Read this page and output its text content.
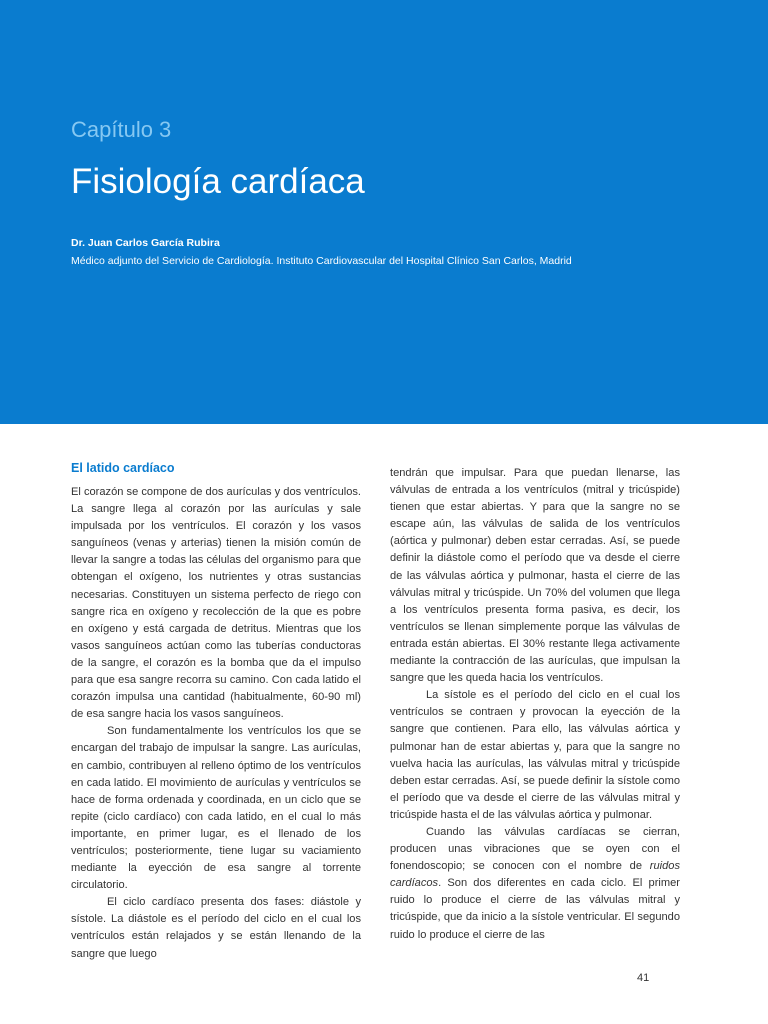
Capítulo 3
Fisiología cardíaca
Dr. Juan Carlos García Rubira
Médico adjunto del Servicio de Cardiología. Instituto Cardiovascular del Hospital Clínico San Carlos, Madrid
El latido cardíaco

El corazón se compone de dos aurículas y dos ventrículos. La sangre llega al corazón por las aurículas y sale impulsada por los ventrículos. El corazón y los vasos sanguíneos (venas y arterias) tienen la misión común de llevar la sangre a todas las células del organismo para que obtengan el oxígeno, los nutrientes y otras sustancias necesarias. Constituyen un sistema perfecto de riego con sangre rica en oxígeno y recolección de la que es pobre en oxígeno y está cargada de detritus. Mientras que los vasos sanguíneos actúan como las tuberías conductoras de la sangre, el corazón es la bomba que da el impulso para que esa sangre recorra su camino. Con cada latido el corazón impulsa una cantidad (habitualmente, 60-90 ml) de esa sangre hacia los vasos sanguíneos.

Son fundamentalmente los ventrículos los que se encargan del trabajo de impulsar la sangre. Las aurículas, en cambio, contribuyen al relleno óptimo de los ventrículos en cada latido. El movimiento de aurículas y ventrículos se hace de forma ordenada y coordinada, en un ciclo que se repite (ciclo cardíaco) con cada latido, en el cual lo más importante, en primer lugar, es el llenado de los ventrículos; posteriormente, tiene lugar su vaciamiento mediante la eyección de esa sangre al torrente circulatorio.

El ciclo cardíaco presenta dos fases: diástole y sístole. La diástole es el período del ciclo en el cual los ventrículos están relajados y se están llenando de la sangre que luego

tendrán que impulsar. Para que puedan llenarse, las válvulas de entrada a los ventrículos (mitral y tricúspide) tienen que estar abiertas. Y para que la sangre no se escape aún, las válvulas de salida de los ventrículos (aórtica y pulmonar) deben estar cerradas. Así, se puede definir la diástole como el período que va desde el cierre de las válvulas aórtica y pulmonar, hasta el cierre de las válvulas mitral y tricúspide. Un 70% del volumen que llega a los ventrículos presenta forma pasiva, es decir, los ventrículos se llenan simplemente porque las válvulas de entrada están abiertas. El 30% restante llega activamente mediante la contracción de las aurículas, que impulsan la sangre que les queda hacia los ventrículos.

La sístole es el período del ciclo en el cual los ventrículos se contraen y provocan la eyección de la sangre que contienen. Para ello, las válvulas aórtica y pulmonar han de estar abiertas y, para que la sangre no vuelva hacia las aurículas, las válvulas mitral y tricúspide deben estar cerradas. Así, se puede definir la sístole como el período que va desde el cierre de las válvulas mitral y tricúspide hasta el de las válvulas aórtica y pulmonar.

Cuando las válvulas cardíacas se cierran, producen unas vibraciones que se oyen con el fonendoscopio; se conocen con el nombre de ruidos cardíacos. Son dos diferentes en cada ciclo. El primer ruido lo produce el cierre de las válvulas mitral y tricúspide, que da inicio a la sístole ventricular. El segundo ruido lo produce el cierre de las

41
